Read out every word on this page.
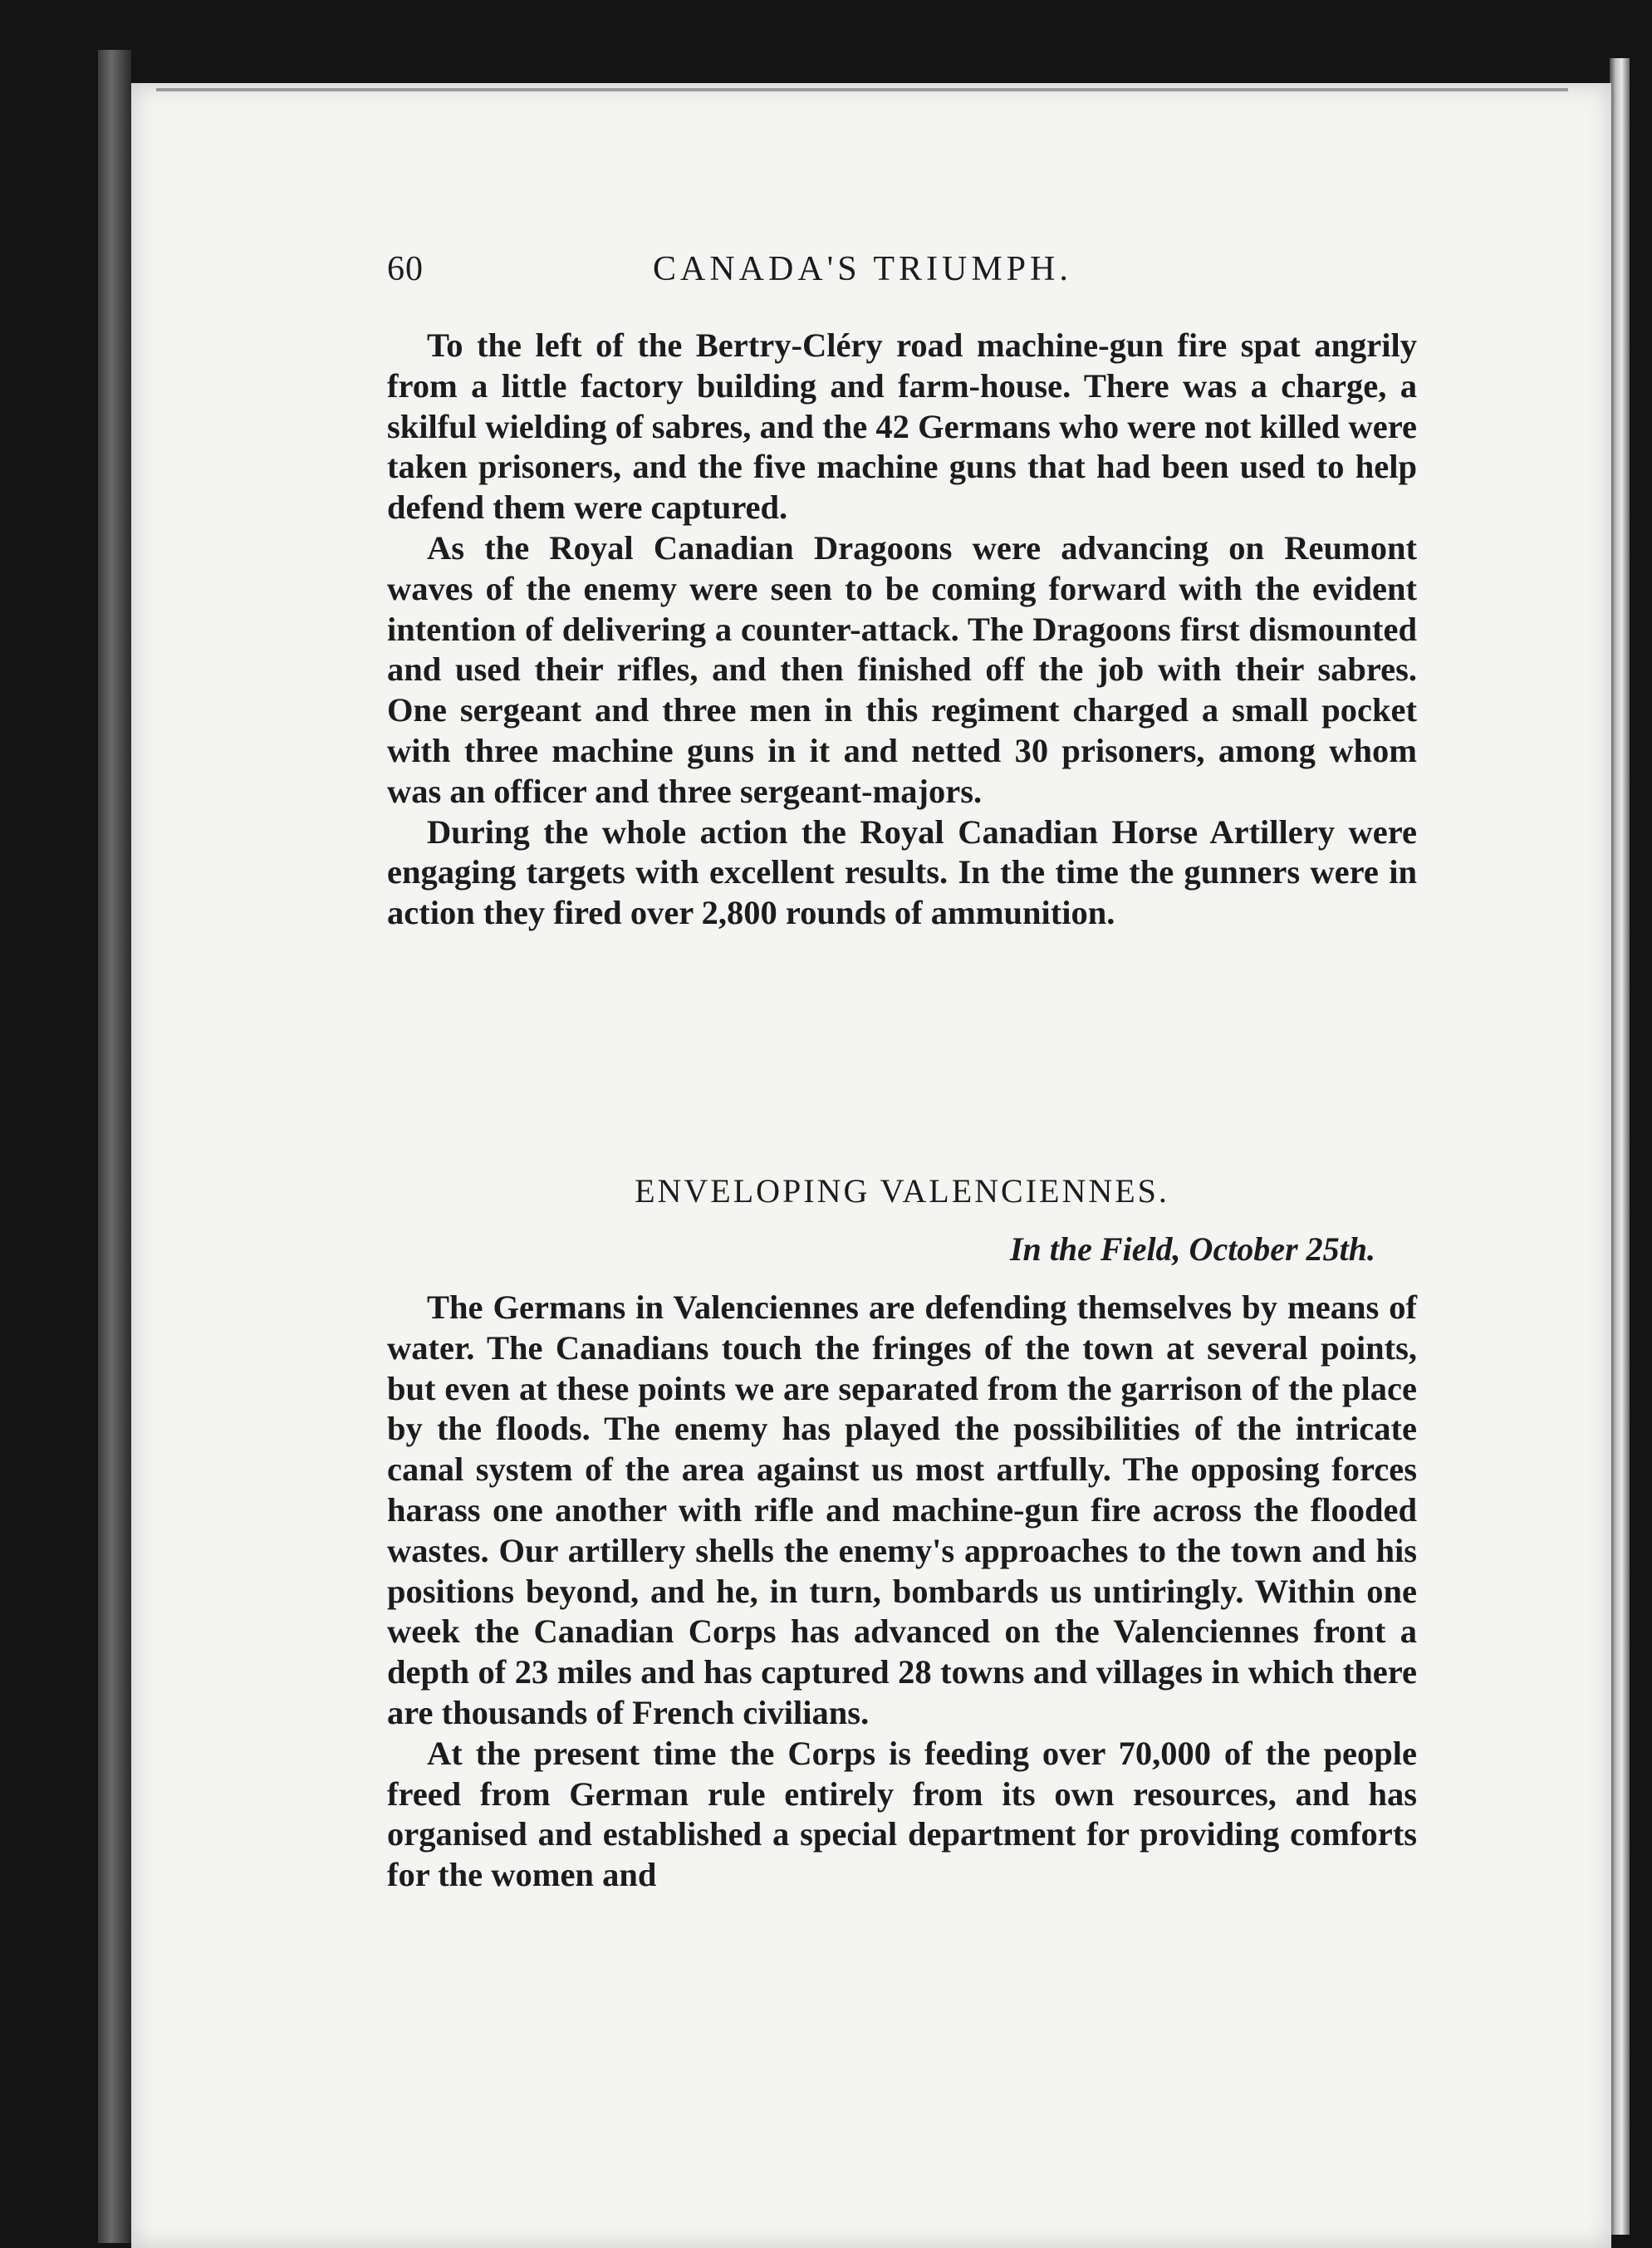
60	CANADA'S TRIUMPH.

To the left of the Bertry-Cléry road machine-gun fire spat angrily from a little factory building and farm-house. There was a charge, a skilful wielding of sabres, and the 42 Germans who were not killed were taken prisoners, and the five machine guns that had been used to help defend them were captured.

As the Royal Canadian Dragoons were advancing on Reumont waves of the enemy were seen to be coming forward with the evident intention of delivering a counter-attack. The Dragoons first dismounted and used their rifles, and then finished off the job with their sabres. One sergeant and three men in this regiment charged a small pocket with three machine guns in it and netted 30 prisoners, among whom was an officer and three sergeant-majors.

During the whole action the Royal Canadian Horse Artillery were engaging targets with excellent results. In the time the gunners were in action they fired over 2,800 rounds of ammunition.

ENVELOPING VALENCIENNES.
In the Field, October 25th.

The Germans in Valenciennes are defending themselves by means of water. The Canadians touch the fringes of the town at several points, but even at these points we are separated from the garrison of the place by the floods. The enemy has played the possibilities of the intricate canal system of the area against us most artfully. The opposing forces harass one another with rifle and machine-gun fire across the flooded wastes. Our artillery shells the enemy's approaches to the town and his positions beyond, and he, in turn, bombards us untiringly. Within one week the Canadian Corps has advanced on the Valenciennes front a depth of 23 miles and has captured 28 towns and villages in which there are thousands of French civilians.

At the present time the Corps is feeding over 70,000 of the people freed from German rule entirely from its own resources, and has organised and established a special department for providing comforts for the women and
